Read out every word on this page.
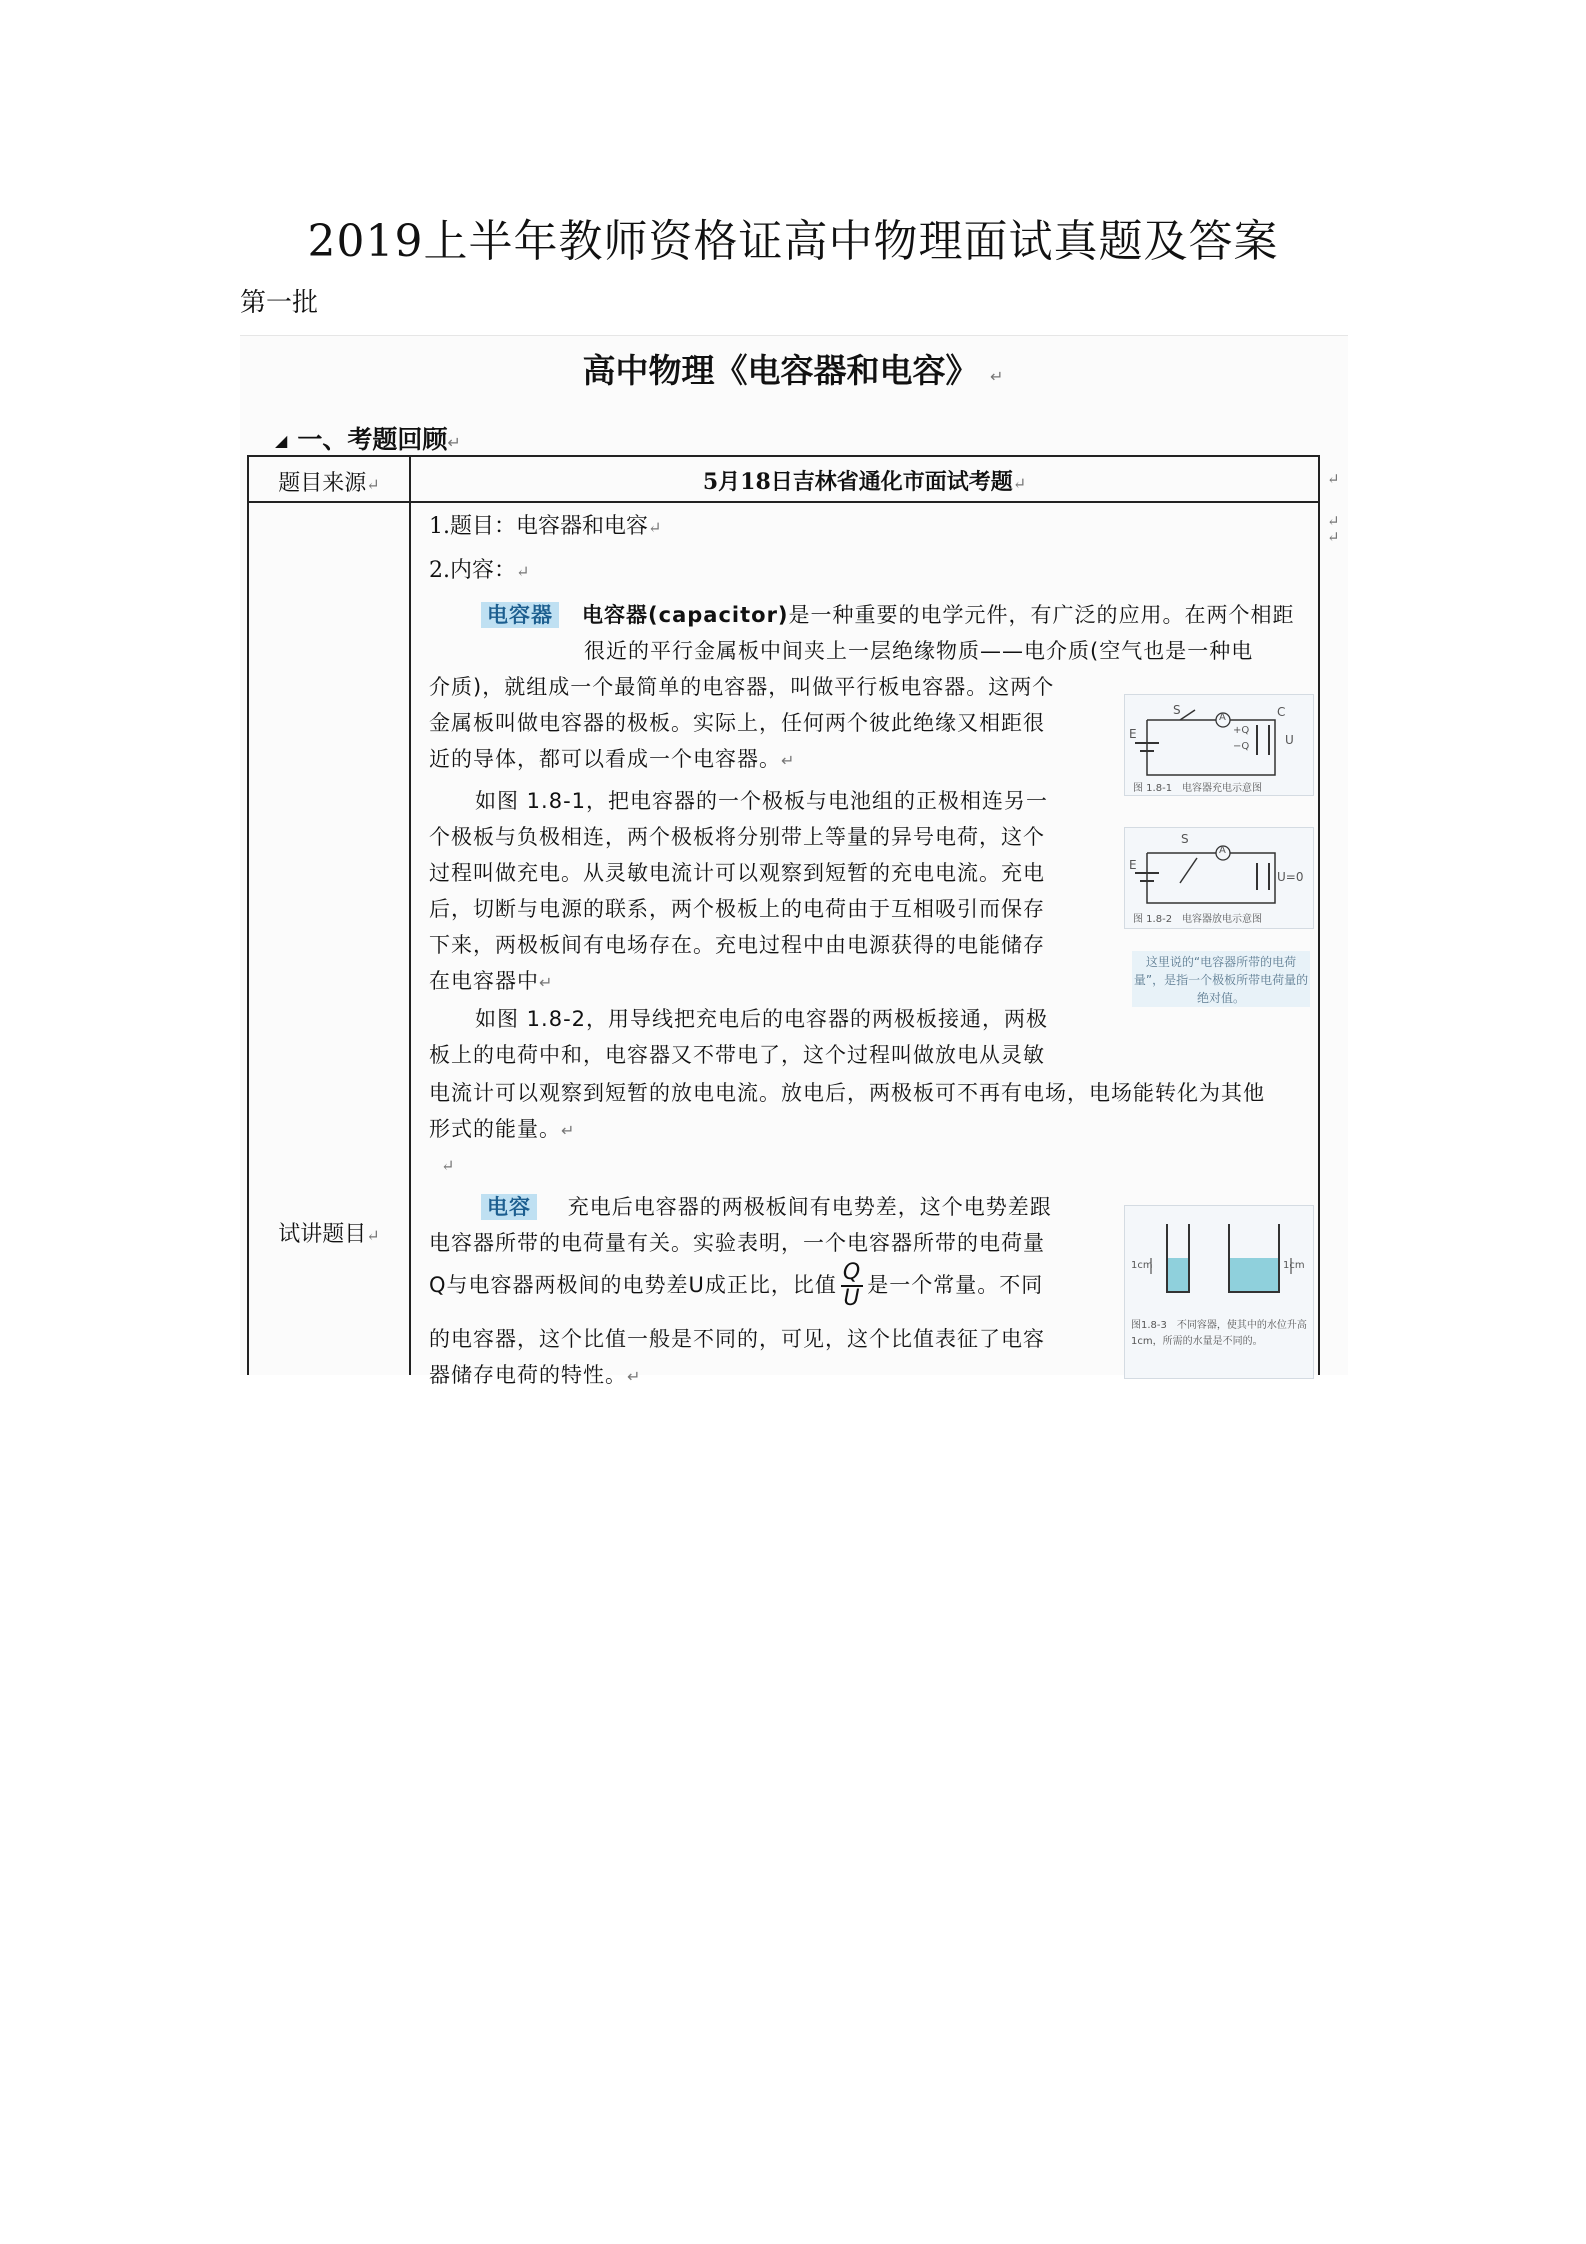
2019上半年教师资格证高中物理面试真题及答案
第一批
高中物理《电容器和电容》 ↵
◢ 一、考题回顾↵
题目来源↵	5月18日吉林省通化市面试考题↵
试讲题目↵
1.题目：电容器和电容↵
2.内容：↵
电容器 电容器(capacitor)是一种重要的电学元件，有广泛的应用。在两个相距
很近的平行金属板中间夹上一层绝缘物质——电介质(空气也是一种电
介质)，就组成一个最简单的电容器，叫做平行板电容器。这两个
金属板叫做电容器的极板。实际上，任何两个彼此绝缘又相距很
近的导体，都可以看成一个电容器。↵
如图 1.8-1，把电容器的一个极板与电池组的正极相连另一
个极板与负极相连，两个极板将分别带上等量的异号电荷，这个
过程叫做充电。从灵敏电流计可以观察到短暂的充电电流。充电
后，切断与电源的联系，两个极板上的电荷由于互相吸引而保存
下来，两极板间有电场存在。充电过程中由电源获得的电能储存
在电容器中↵
如图 1.8-2，用导线把充电后的电容器的两极板接通，两极
板上的电荷中和，电容器又不带电了，这个过程叫做放电从灵敏
电流计可以观察到短暂的放电电流。放电后，两极板可不再有电场，电场能转化为其他
形式的能量。↵
↵
电容 充电后电容器的两极板间有电势差，这个电势差跟
电容器所带的电荷量有关。实验表明，一个电容器所带的电荷量
Q与电容器两极间的电势差U成正比，比值 $\frac{Q}{U}$ 是一个常量。不同
的电容器，这个比值一般是不同的，可见，这个比值表征了电容
器储存电荷的特性。↵
S
A	C
E	U
+Q
−Q
图 1.8-1　电容器充电示意图
S
A
E
U=0
图 1.8-2　电容器放电示意图
这里说的“电容器所带的电荷量”，是指一个极板所带电荷量的绝对值。
1cm	1cm
图1.8-3　不同容器，使其中的水位升高1cm，所需的水量是不同的。
↵
↵
↵
